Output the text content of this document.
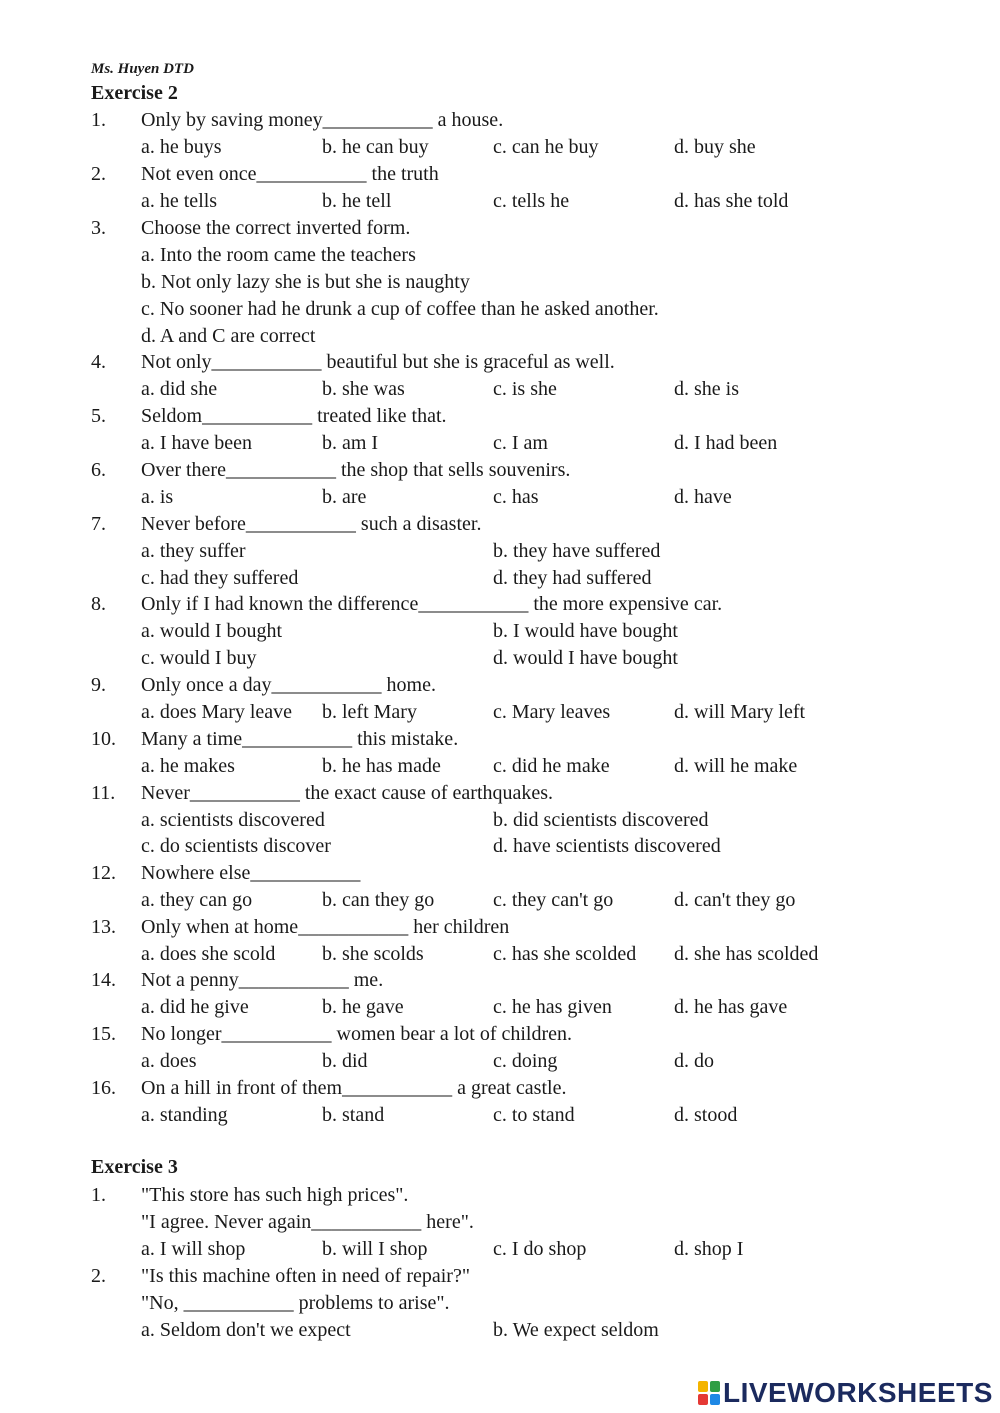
Ms. Huyen DTD
Exercise 2
1. Only by saving money___________ a house.
a. he buys	b. he can buy	c. can he buy	d. buy she
2. Not even once___________ the truth
a. he tells	b. he tell	c. tells he	d. has she told
3. Choose the correct inverted form.
a. Into the room came the teachers
b. Not only lazy she is but she is naughty
c. No sooner had he drunk a cup of coffee than he asked another.
d. A and C are correct
4. Not only___________ beautiful but she is graceful as well.
a. did she	b. she was	c. is she	d. she is
5. Seldom___________ treated like that.
a. I have been	b. am I	c. I am	d. I had been
6. Over there___________ the shop that sells souvenirs.
a. is	b. are	c. has	d. have
7. Never before___________ such a disaster.
a. they suffer	b. they have suffered
c. had they suffered	d. they had suffered
8. Only if I had known the difference___________ the more expensive car.
a. would I bought	b. I would have bought
c. would I buy	d. would I have bought
9. Only once a day___________ home.
a. does Mary leave b. left Mary	c. Mary leaves	d. will Mary left
10. Many a time___________ this mistake.
a. he makes	b. he has made	c. did he make	d. will he make
11. Never___________ the exact cause of earthquakes.
a. scientists discovered	b. did scientists discovered
c. do scientists discover	d. have scientists discovered
12. Nowhere else___________
a. they can go	b. can they go	c. they can't go	d. can't they go
13. Only when at home___________ her children
a. does she scold b. she scolds	c. has she scolded d. she has scolded
14. Not a penny___________ me.
a. did he give	b. he gave	c. he has given	d. he has gave
15. No longer___________ women bear a lot of children.
a. does	b. did	c. doing	d. do
16. On a hill in front of them___________ a great castle.
a. standing	b. stand	c. to stand	d. stood
Exercise 3
1. "This store has such high prices".
"I agree. Never again___________ here".
a. I will shop	b. will I shop	c. I do shop	d. shop I
2. "Is this machine often in need of repair?"
"No, ___________ problems to arise".
a. Seldom don't we expect	b. We expect seldom
LIVEWORKSHEETS
